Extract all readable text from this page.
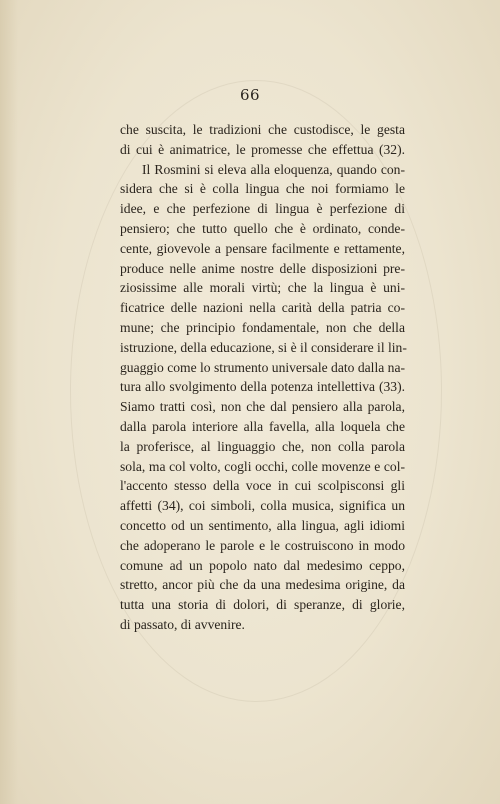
66
che suscita, le tradizioni che custodisce, le gesta
di cui è animatrice, le promesse che effettua (32).
Il Rosmini si eleva alla eloquenza, quando con-
sidera che si è colla lingua che noi formiamo le
idee, e che perfezione di lingua è perfezione di
pensiero; che tutto quello che è ordinato, conde-
cente, giovevole a pensare facilmente e rettamente,
produce nelle anime nostre delle disposizioni pre-
ziosissime alle morali virtù; che la lingua è uni-
ficatrice delle nazioni nella carità della patria co-
mune; che principio fondamentale, non che della
istruzione, della educazione, si è il considerare il lin-
guaggio come lo strumento universale dato dalla na-
tura allo svolgimento della potenza intellettiva (33).
Siamo tratti così, non che dal pensiero alla parola,
dalla parola interiore alla favella, alla loquela che
la proferisce, al linguaggio che, non colla parola
sola, ma col volto, cogli occhi, colle movenze e col-
l'accento stesso della voce in cui scolpisconsi gli
affetti (34), coi simboli, colla musica, significa un
concetto od un sentimento, alla lingua, agli idiomi
che adoperano le parole e le costruiscono in modo
comune ad un popolo nato dal medesimo ceppo,
stretto, ancor più che da una medesima origine, da
tutta una storia di dolori, di speranze, di glorie,
di passato, di avvenire.
